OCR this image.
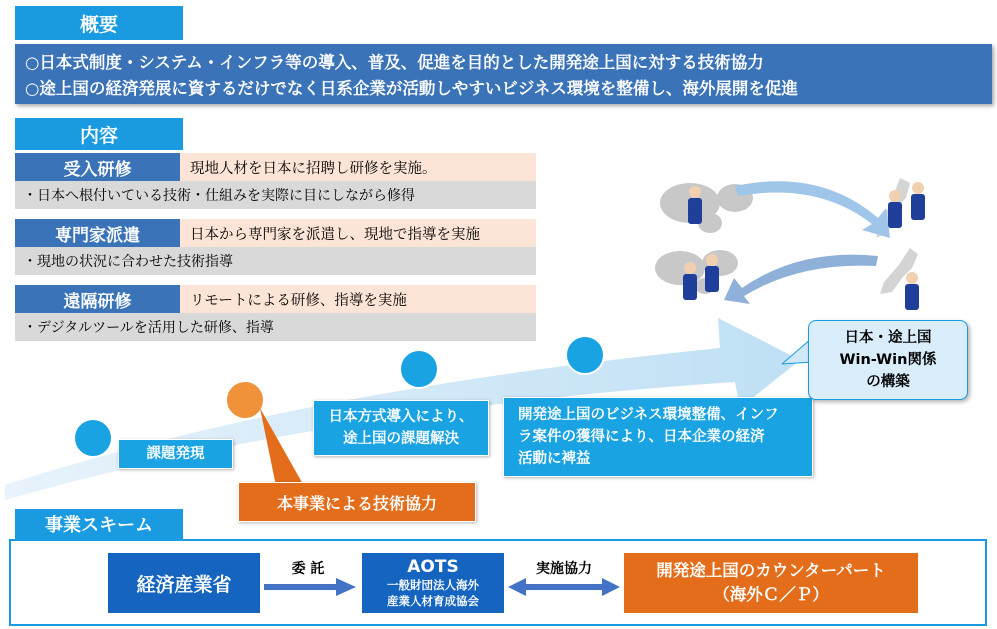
概要
○日本式制度・システム・インフラ等の導入、普及、促進を目的とした開発途上国に対する技術協力
○途上国の経済発展に資するだけでなく日系企業が活動しやすいビジネス環境を整備し、海外展開を促進
内容
受入研修	現地人材を日本に招聘し研修を実施。
・日本へ根付いている技術・仕組みを実際に目にしながら修得
専門家派遣	日本から専門家を派遣し、現地で指導を実施
・現地の状況に合わせた技術指導
遠隔研修	リモートによる研修、指導を実施
・デジタルツールを活用した研修、指導
課題発現
本事業による技術協力
日本方式導入により、
途上国の課題解決
開発途上国のビジネス環境整備、インフ
ラ案件の獲得により、日本企業の経済
活動に裨益
日本・途上国
Win-Win関係
の構築
事業スキーム
経済産業省
委 託	AOTS
一般財団法人海外
産業人材育成協会
実施協力	開発途上国のカウンターパート
（海外Ｃ／Ｐ）
